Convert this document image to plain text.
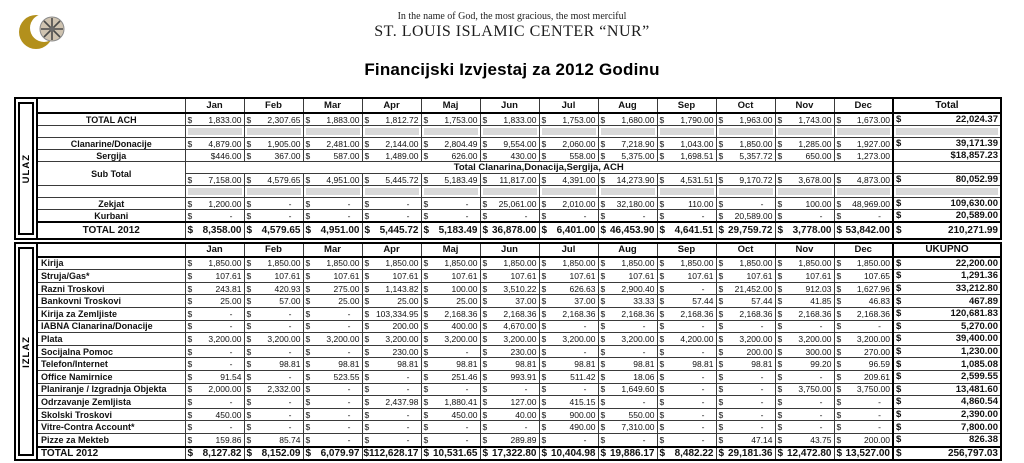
In the name of God, the most gracious, the most merciful
ST. LOUIS ISLAMIC CENTER “NUR”
Financijski Izvjestaj za 2012 Godinu
ULAZ		Jan	Feb	Mar	Apr	Maj	Jun	Jul	Aug	Sep	Oct	Nov	Dec	Total
	TOTAL ACH	$ 1,833.00	$ 2,307.65	$ 1,883.00	$ 1,812.72	$ 1,753.00	$ 1,833.00	$ 1,753.00	$ 1,680.00	$ 1,790.00	$ 1,963.00	$ 1,743.00	$ 1,673.00	$ 22,024.37

	Clanarine/Donacije	$ 4,879.00	$ 1,905.00	$ 2,481.00	$ 2,144.00	$ 2,804.49	$ 9,554.00	$ 2,060.00	$ 7,218.90	$ 1,043.00	$ 1,850.00	$ 1,285.00	$ 1,927.00	$ 39,171.39

	Sergija	$446.00	$ 367.00	$ 587.00	$ 1,489.00	$ 626.00	$ 430.00	$ 558.00	$ 5,375.00	$ 1,698.51	$ 5,357.72	$ 650.00	$ 1,273.00	$18,857.23

	Sub Total	Total Clanarina,Donacija,Sergija, ACH												

		$ 7,158.00	$ 4,579.65	$ 4,951.00	$ 5,445.72	$ 5,183.49	$ 11,817.00	$ 4,391.00	$ 14,273.90	$ 4,531.51	$ 9,170.72	$ 3,678.00	$ 4,873.00	$ 80,052.99

	Zekjat	$ 1,200.00	$ -	$ -	$ -	$ -	$ 25,061.00	$ 2,010.00	$ 32,180.00	$ 110.00	$ -	$ 100.00	$ 48,969.00	$ 109,630.00

	Kurbani	$ -	$ -	$ -	$ -	$ -	$ -	$ -	$ -	$ -	$ 20,589.00	$ -	$ -	$ 20,589.00

	TOTAL 2012	$ 8,358.00	$ 4,579.65	$ 4,951.00	$ 5,445.72	$ 5,183.49	$ 36,878.00	$ 6,401.00	$ 46,453.90	$ 4,641.51	$ 29,759.72	$ 3,778.00	$ 53,842.00	$ 210,271.99
IZLAZ		Jan	Feb	Mar	Apr	Maj	Jun	Jul	Aug	Sep	Oct	Nov	Dec	UKUPNO
	Kirija	$ 1,850.00	$ 1,850.00	$ 1,850.00	$ 1,850.00	$ 1,850.00	$ 1,850.00	$ 1,850.00	$ 1,850.00	$ 1,850.00	$ 1,850.00	$ 1,850.00	$ 1,850.00	$ 22,200.00

	Struja/Gas*	$ 107.61	$ 107.61	$ 107.61	$ 107.61	$ 107.61	$ 107.61	$ 107.61	$ 107.61	$ 107.61	$ 107.61	$ 107.61	$ 107.65	$ 1,291.36

	Razni Troskovi	$ 243.81	$ 420.93	$ 275.00	$ 1,143.82	$ 100.00	$ 3,510.22	$ 626.63	$ 2,900.40	$ -	$ 21,452.00	$ 912.03	$ 1,627.96	$ 33,212.80

	Bankovni Troskovi	$ 25.00	$ 57.00	$ 25.00	$ 25.00	$ 25.00	$ 37.00	$ 37.00	$ 33.33	$ 57.44	$ 57.44	$ 41.85	$ 46.83	$ 467.89

	Kirija za Zemljiste	$ -	$ -	$ -	$ 103,334.95	$ 2,168.36	$ 2,168.36	$ 2,168.36	$ 2,168.36	$ 2,168.36	$ 2,168.36	$ 2,168.36	$ 2,168.36	$ 120,681.83

	IABNA Clanarina/Donacije	$ -	$ -	$ -	$ 200.00	$ 400.00	$ 4,670.00	$ -	$ -	$ -	$ -	$ -	$ -	$ 5,270.00

	Plata	$ 3,200.00	$ 3,200.00	$ 3,200.00	$ 3,200.00	$ 3,200.00	$ 3,200.00	$ 3,200.00	$ 3,200.00	$ 4,200.00	$ 3,200.00	$ 3,200.00	$ 3,200.00	$ 39,400.00

	Socijalna Pomoc	$ -	$ -	$ -	$ 230.00	$ -	$ 230.00	$ -	$ -	$ -	$ 200.00	$ 300.00	$ 270.00	$ 1,230.00

	Telefon/Internet	$ -	$ 98.81	$ 98.81	$ 98.81	$ 98.81	$ 98.81	$ 98.81	$ 98.81	$ 98.81	$ 98.81	$ 99.20	$ 96.59	$ 1,085.08

	Office Namirnice	$ 91.54	$ -	$ 523.55	$ -	$ 251.46	$ 993.91	$ 511.42	$ 18.06	$ -	$ -	$ -	$ 209.61	$ 2,599.55

	Planiranje / Izgradnja Objekta	$ 2,000.00	$ 2,332.00	$ -	$ -	$ -	$ -	$ -	$ 1,649.60	$ -	$ -	$ 3,750.00	$ 3,750.00	$ 13,481.60

	Odrzavanje Zemljista	$ -	$ -	$ -	$ 2,437.98	$ 1,880.41	$ 127.00	$ 415.15	$ -	$ -	$ -	$ -	$ -	$ 4,860.54

	Skolski Troskovi	$ 450.00	$ -	$ -	$ -	$ 450.00	$ 40.00	$ 900.00	$ 550.00	$ -	$ -	$ -	$ -	$ 2,390.00

	Vitre-Contra Account*	$ -	$ -	$ -	$ -	$ -	$ -	$ 490.00	$ 7,310.00	$ -	$ -	$ -	$ -	$ 7,800.00

	Pizze za Mekteb	$ 159.86	$ 85.74	$ -	$ -	$ -	$ 289.89	$ -	$ -	$ -	$ 47.14	$ 43.75	$ 200.00	$ 826.38

	TOTAL 2012	$ 8,127.82	$ 8,152.09	$ 6,079.97	$112,628.17	$ 10,531.65	$ 17,322.80	$ 10,404.98	$ 19,886.17	$ 8,482.22	$ 29,181.36	$ 12,472.80	$ 13,527.00	$ 256,797.03
